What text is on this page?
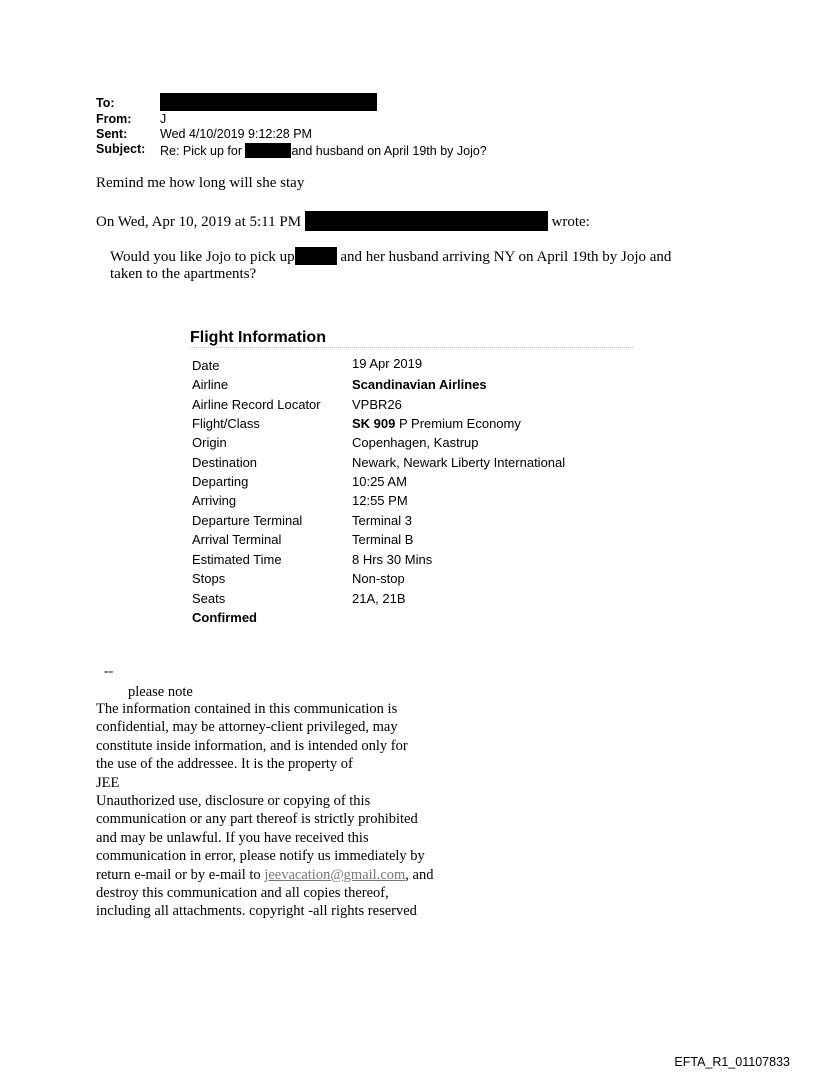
To:
From: J
Sent:	Wed 4/10/2019 9:12:28 PM
Subject: Re: Pick up for	and husband on April 19th by Jojo?
Remind me how long will she stay
On Wed, Apr 10, 2019 at 5:11 PM	wrote:
Would you like Jojo to pick up	and her husband arriving NY on April 19th by Jojo and
taken to the apartments?
Flight Information
Date	19 Apr 2019
Airline	Scandinavian Airlines
Airline Record Locator VPBR26
Flight/Class	SK 909 P Premium Economy
Origin	Copenhagen, Kastrup
Destination	Newark, Newark Liberty International
Departing	10:25 AM
Arriving	12:55 PM
Departure Terminal	Terminal 3
Arrival Terminal	Terminal B
Estimated Time	8 Hrs 30 Mins
Stops	Non-stop
Seats	21A, 21B
Confirmed
--
please note
The information contained in this communication is
confidential, may be attorney-client privileged, may
constitute inside information, and is intended only for
the use of the addressee. It is the property of
JEE
Unauthorized use, disclosure or copying of this
communication or any part thereof is strictly prohibited
and may be unlawful. If you have received this
communication in error, please notify us immediately by
return e-mail or by e-mail to jeevacation@gmail.com, and
destroy this communication and all copies thereof,
including all attachments. copyright -all rights reserved
EFTA_R1_01107833
